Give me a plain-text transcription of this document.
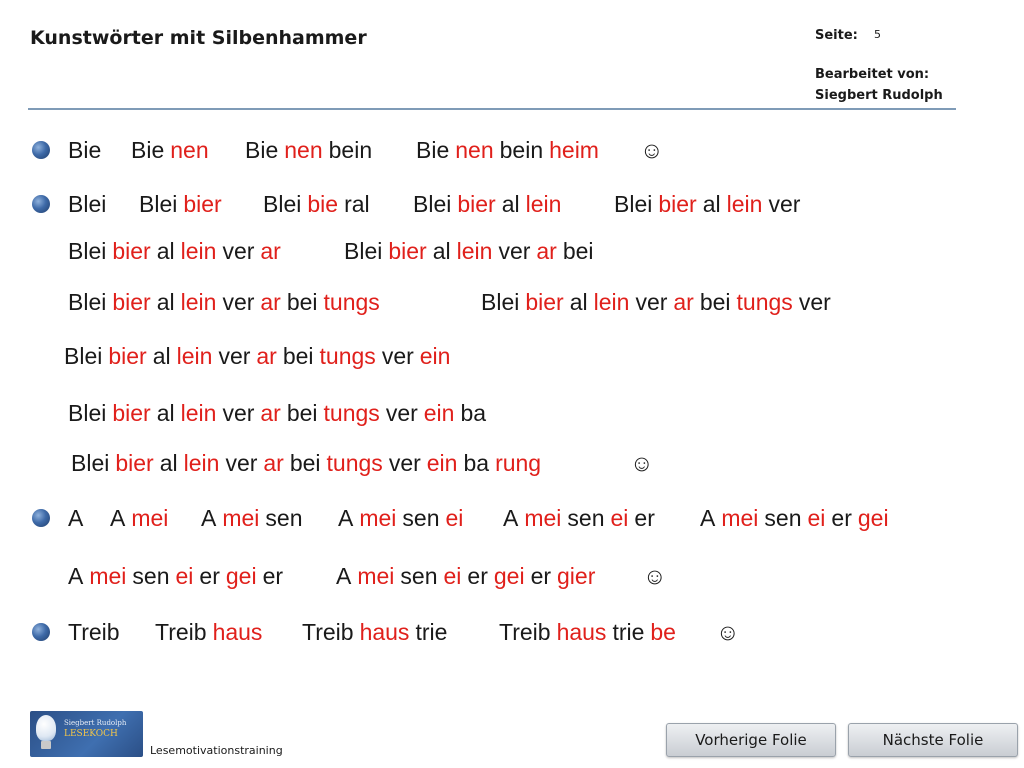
Kunstwörter mit Silbenhammer	Seite: 5
Bearbeitet von:
Siegbert Rudolph
Bie Bie nen Bie nen bein Bie nen bein heim ☺
Blei Blei bier Blei bie ral Blei bier al lein Blei bier al lein ver
Blei bier al lein ver ar	Blei bier al lein ver ar bei
Blei bier al lein ver ar bei tungs	Blei bier al lein ver ar bei tungs ver
Blei bier al lein ver ar bei tungs ver ein
Blei bier al lein ver ar bei tungs ver ein ba
Blei bier al lein ver ar bei tungs ver ein ba rung	☺
A A mei A mei sen A mei sen ei A mei sen ei er A mei sen ei er gei
A mei sen ei er gei er A mei sen ei er gei er gier ☺
Treib Treib haus Treib haus trie Treib haus trie be ☺
Siegbert Rudolph
LESEKOCH
Lesemotivationstraining
Vorherige Folie	Nächste Folie
